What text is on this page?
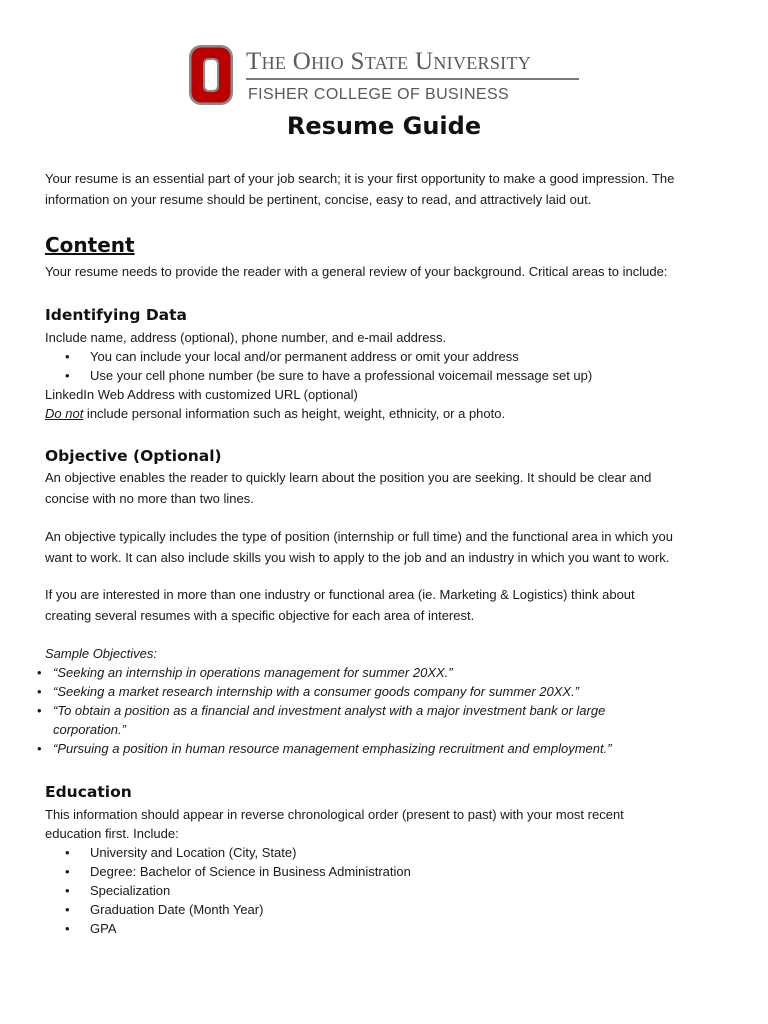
The Ohio State University
FISHER COLLEGE OF BUSINESS
Resume Guide

Your resume is an essential part of your job search; it is your first opportunity to make a good impression. The

information on your resume should be pertinent, concise, easy to read, and attractively laid out.

Content

Your resume needs to provide the reader with a general review of your background. Critical areas to include:

Identifying Data

Include name, address (optional), phone number, and e-mail address.

• You can include your local and/or permanent address or omit your address
• Use your cell phone number (be sure to have a professional voicemail message set up)

LinkedIn Web Address with customized URL (optional)

Do not include personal information such as height, weight, ethnicity, or a photo.

Objective (Optional)

An objective enables the reader to quickly learn about the position you are seeking. It should be clear and

concise with no more than two lines.

An objective typically includes the type of position (internship or full time) and the functional area in which you

want to work. It can also include skills you wish to apply to the job and an industry in which you want to work.

If you are interested in more than one industry or functional area (ie. Marketing & Logistics) think about

creating several resumes with a specific objective for each area of interest.

Sample Objectives:

• “Seeking an internship in operations management for summer 20XX.”
• “Seeking a market research internship with a consumer goods company for summer 20XX.”
• “To obtain a position as a financial and investment analyst with a major investment bank or large
corporation.”
• “Pursuing a position in human resource management emphasizing recruitment and employment.”

Education

This information should appear in reverse chronological order (present to past) with your most recent

education first. Include:

• University and Location (City, State)
• Degree: Bachelor of Science in Business Administration
• Specialization
• Graduation Date (Month Year)
• GPA
